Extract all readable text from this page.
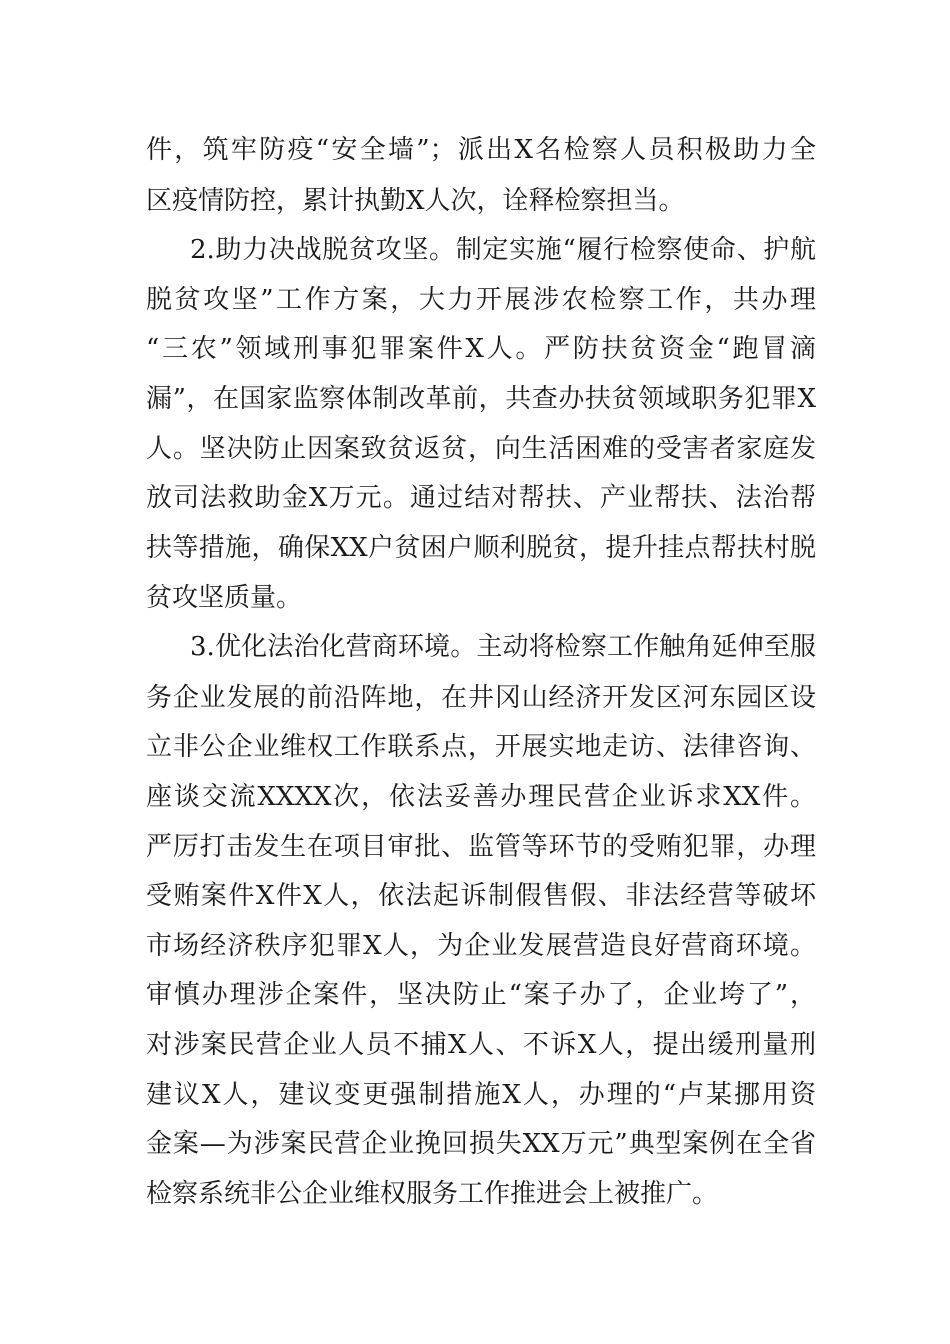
件，筑牢防疫“安全墙”；派出X名检察人员积极助力全
区疫情防控，累计执勤X人次，诠释检察担当。
2.助力决战脱贫攻坚。制定实施“履行检察使命、护航
脱贫攻坚”工作方案，大力开展涉农检察工作，共办理
“三农”领域刑事犯罪案件X人。严防扶贫资金“跑冒滴
漏”，在国家监察体制改革前，共查办扶贫领域职务犯罪X
人。坚决防止因案致贫返贫，向生活困难的受害者家庭发
放司法救助金X万元。通过结对帮扶、产业帮扶、法治帮
扶等措施，确保XX户贫困户顺利脱贫，提升挂点帮扶村脱
贫攻坚质量。
3.优化法治化营商环境。主动将检察工作触角延伸至服
务企业发展的前沿阵地，在井冈山经济开发区河东园区设
立非公企业维权工作联系点，开展实地走访、法律咨询、
座谈交流XXXX次，依法妥善办理民营企业诉求XX件。
严厉打击发生在项目审批、监管等环节的受贿犯罪，办理
受贿案件X件X人，依法起诉制假售假、非法经营等破坏
市场经济秩序犯罪X人，为企业发展营造良好营商环境。
审慎办理涉企案件，坚决防止“案子办了，企业垮了”，
对涉案民营企业人员不捕X人、不诉X人，提出缓刑量刑
建议X人，建议变更强制措施X人，办理的“卢某挪用资
金案—为涉案民营企业挽回损失XX万元”典型案例在全省
检察系统非公企业维权服务工作推进会上被推广。
